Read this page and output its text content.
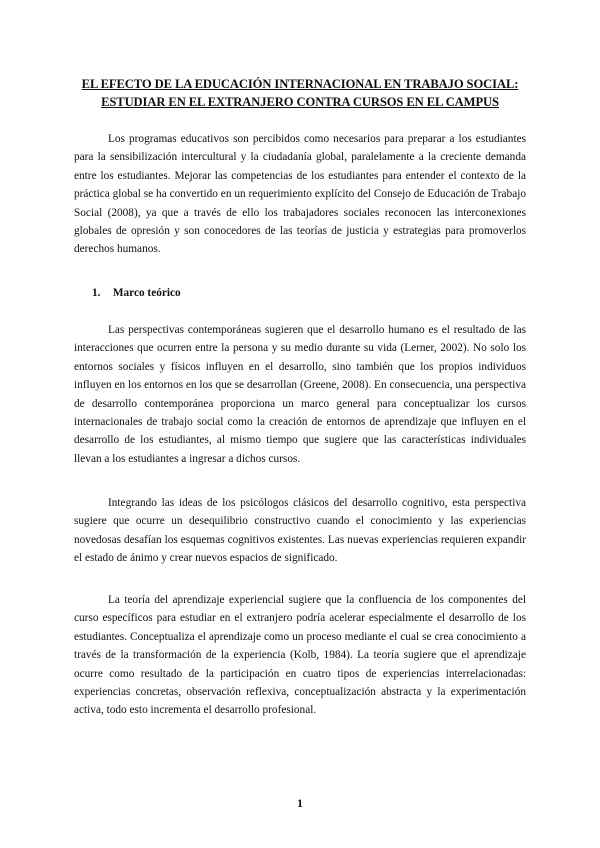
EL EFECTO DE LA EDUCACIÓN INTERNACIONAL EN TRABAJO SOCIAL:
ESTUDIAR EN EL EXTRANJERO CONTRA CURSOS EN EL CAMPUS

Los programas educativos son percibidos como necesarios para preparar a los estudiantes para la sensibilización intercultural y la ciudadanía global, paralelamente a la creciente demanda entre los estudiantes. Mejorar las competencias de los estudiantes para entender el contexto de la práctica global se ha convertido en un requerimiento explícito del Consejo de Educación de Trabajo Social (2008), ya que a través de ello los trabajadores sociales reconocen las interconexiones globales de opresión y son conocedores de las teorías de justicia y estrategias para promoverlos derechos humanos.

1. Marco teórico

Las perspectivas contemporáneas sugieren que el desarrollo humano es el resultado de las interacciones que ocurren entre la persona y su medio durante su vida (Lerner, 2002). No solo los entornos sociales y físicos influyen en el desarrollo, sino también que los propios individuos influyen en los entornos en los que se desarrollan (Greene, 2008). En consecuencia, una perspectiva de desarrollo contemporánea proporciona un marco general para conceptualizar los cursos internacionales de trabajo social como la creación de entornos de aprendizaje que influyen en el desarrollo de los estudiantes, al mismo tiempo que sugiere que las características individuales llevan a los estudiantes a ingresar a dichos cursos.

Integrando las ideas de los psicólogos clásicos del desarrollo cognitivo, esta perspectiva sugiere que ocurre un desequilibrio constructivo cuando el conocimiento y las experiencias novedosas desafían los esquemas cognitivos existentes. Las nuevas experiencias requieren expandir el estado de ánimo y crear nuevos espacios de significado.

La teoría del aprendizaje experiencial sugiere que la confluencia de los componentes del curso específicos para estudiar en el extranjero podría acelerar especialmente el desarrollo de los estudiantes. Conceptualiza el aprendizaje como un proceso mediante el cual se crea conocimiento a través de la transformación de la experiencia (Kolb, 1984). La teoría sugiere que el aprendizaje ocurre como resultado de la participación en cuatro tipos de experiencias interrelacionadas: experiencias concretas, observación reflexiva, conceptualización abstracta y la experimentación activa, todo esto incrementa el desarrollo profesional.

1
